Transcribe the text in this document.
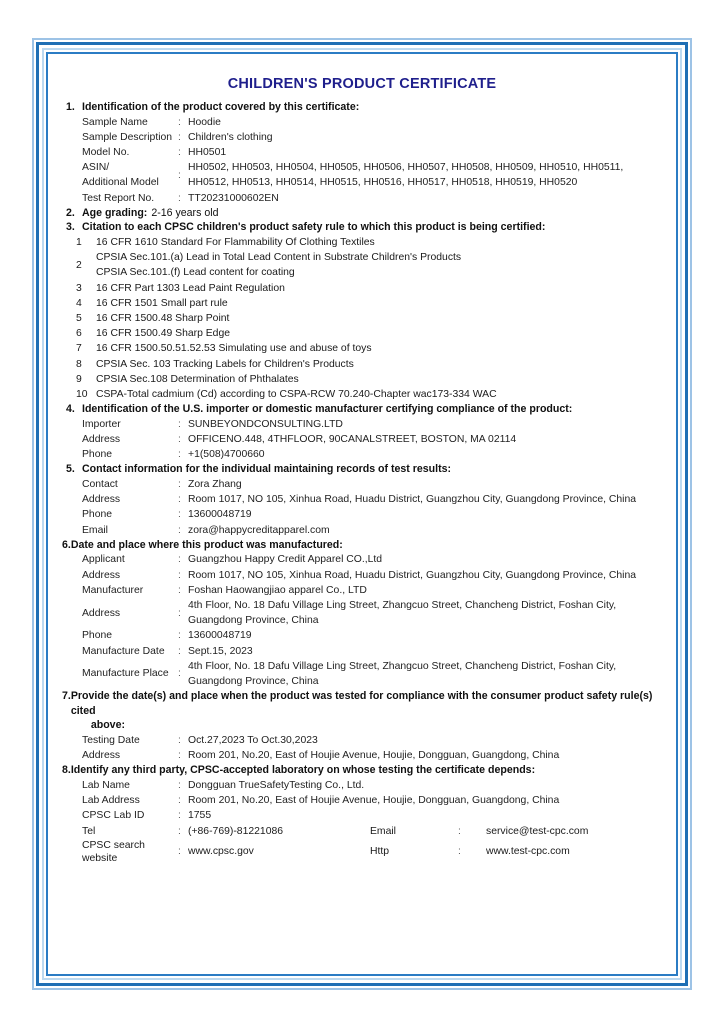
CHILDREN'S PRODUCT CERTIFICATE
1. Identification of the product covered by this certificate:
Sample Name	: Hoodie
Sample Description : Children's clothing
Model No.	: HH0501
ASIN/
Additional Model
:
HH0502, HH0503, HH0504, HH0505, HH0506, HH0507, HH0508, HH0509, HH0510, HH0511,
HH0512, HH0513, HH0514, HH0515, HH0516, HH0517, HH0518, HH0519, HH0520
Test Report No.	: TT20231000602EN
2. Age grading: 2-16 years old
3. Citation to each CPSC children's product safety rule to which this product is being certified:
1	16 CFR 1610 Standard For Flammability Of Clothing Textiles
2
CPSIA Sec.101.(a) Lead in Total Lead Content in Substrate Children's Products
CPSIA Sec.101.(f) Lead content for coating
3	16 CFR Part 1303 Lead Paint Regulation
4	16 CFR 1501 Small part rule
5	16 CFR 1500.48 Sharp Point
6	16 CFR 1500.49 Sharp Edge
7	16 CFR 1500.50.51.52.53 Simulating use and abuse of toys
8	CPSIA Sec. 103 Tracking Labels for Children's Products
9	CPSIA Sec.108 Determination of Phthalates
10 CSPA-Total cadmium (Cd) according to CSPA-RCW 70.240-Chapter wac173-334 WAC
4. Identification of the U.S. importer or domestic manufacturer certifying compliance of the product:
Importer	: SUNBEYONDCONSULTING.LTD
Address	: OFFICENO.448, 4THFLOOR, 90CANALSTREET, BOSTON, MA 02114
Phone	: +1(508)4700660
5. Contact information for the individual maintaining records of test results:
Contact	: Zora Zhang
Address	: Room 1017, NO 105, Xinhua Road, Huadu District, Guangzhou City, Guangdong Province, China
Phone	: 13600048719
Email	: zora@happycreditapparel.com
6. Date and place where this product was manufactured:
Applicant	: Guangzhou Happy Credit Apparel CO.,Ltd
Address	: Room 1017, NO 105, Xinhua Road, Huadu District, Guangzhou City, Guangdong Province, China
Manufacturer	: Foshan Haowangjiao apparel Co., LTD
Address	:
4th Floor, No. 18 Dafu Village Ling Street, Zhangcuo Street, Chancheng District, Foshan City, Guangdong Province, China
Phone	: 13600048719
Manufacture Date	: Sept.15, 2023
Manufacture Place :
4th Floor, No. 18 Dafu Village Ling Street, Zhangcuo Street, Chancheng District, Foshan City, Guangdong Province, China
7. Provide the date(s) and place when the product was tested for compliance with the consumer product safety rule(s) cited
above:
Testing Date	: Oct.27,2023 To Oct.30,2023
Address	: Room 201, No.20, East of Houjie Avenue, Houjie, Dongguan, Guangdong, China
8. Identify any third party, CPSC-accepted laboratory on whose testing the certificate depends:
Lab Name	: Dongguan TrueSafetyTesting Co., Ltd.
Lab Address	: Room 201, No.20, East of Houjie Avenue, Houjie, Dongguan, Guangdong, China
CPSC Lab ID	: 1755
Tel	: (+86-769)-81221086	Email	:	service@test-cpc.com
CPSC search
website
: www.cpsc.gov	Http	:	www.test-cpc.com
